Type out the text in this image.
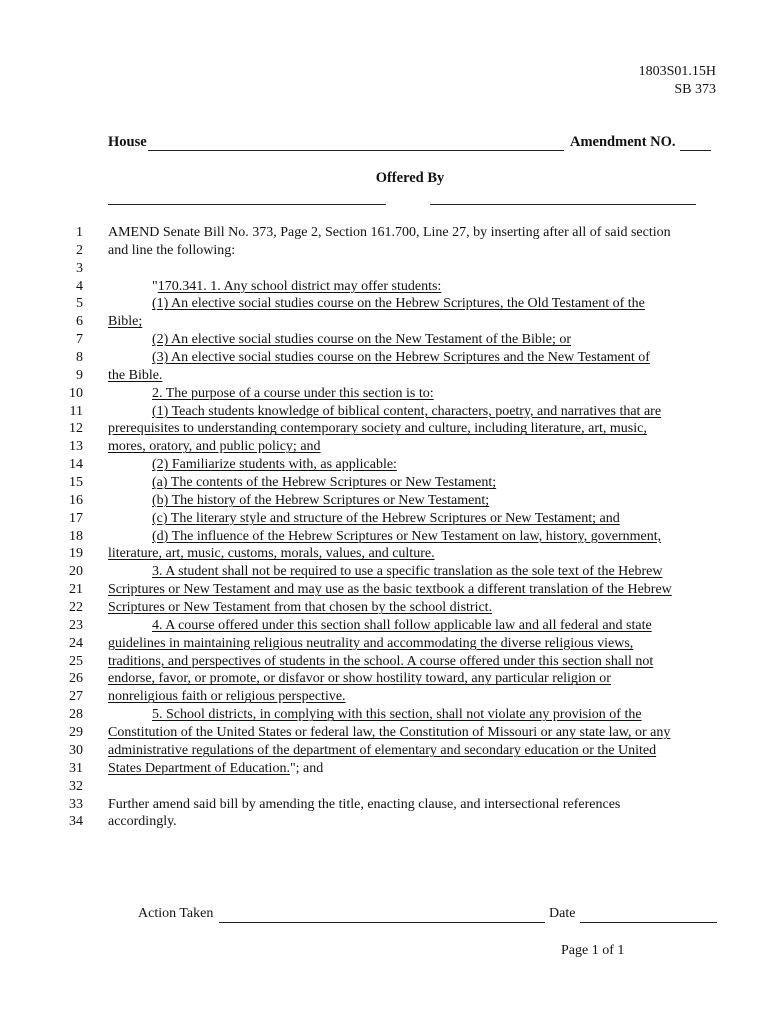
1803S01.15H
SB 373
House	Amendment NO.
Offered By
1 AMEND Senate Bill No. 373, Page 2, Section 161.700, Line 27, by inserting after all of said section
2 and line the following:
3
4	"170.341. 1. Any school district may offer students:
5	(1) An elective social studies course on the Hebrew Scriptures, the Old Testament of the
6 Bible;
7	(2) An elective social studies course on the New Testament of the Bible; or
8	(3) An elective social studies course on the Hebrew Scriptures and the New Testament of
9 the Bible.
10	2. The purpose of a course under this section is to:
11	(1) Teach students knowledge of biblical content, characters, poetry, and narratives that are
12 prerequisites to understanding contemporary society and culture, including literature, art, music,
13 mores, oratory, and public policy; and
14	(2) Familiarize students with, as applicable:
15	(a) The contents of the Hebrew Scriptures or New Testament;
16	(b) The history of the Hebrew Scriptures or New Testament;
17	(c) The literary style and structure of the Hebrew Scriptures or New Testament; and
18	(d) The influence of the Hebrew Scriptures or New Testament on law, history, government,
19 literature, art, music, customs, morals, values, and culture.
20	3. A student shall not be required to use a specific translation as the sole text of the Hebrew
21 Scriptures or New Testament and may use as the basic textbook a different translation of the Hebrew
22 Scriptures or New Testament from that chosen by the school district.
23	4. A course offered under this section shall follow applicable law and all federal and state
24 guidelines in maintaining religious neutrality and accommodating the diverse religious views,
25 traditions, and perspectives of students in the school. A course offered under this section shall not
26 endorse, favor, or promote, or disfavor or show hostility toward, any particular religion or
27 nonreligious faith or religious perspective.
28	5. School districts, in complying with this section, shall not violate any provision of the
29 Constitution of the United States or federal law, the Constitution of Missouri or any state law, or any
30 administrative regulations of the department of elementary and secondary education or the United
31 States Department of Education."; and
32
33 Further amend said bill by amending the title, enacting clause, and intersectional references
34 accordingly.
Action Taken	Date
Page 1 of 1
